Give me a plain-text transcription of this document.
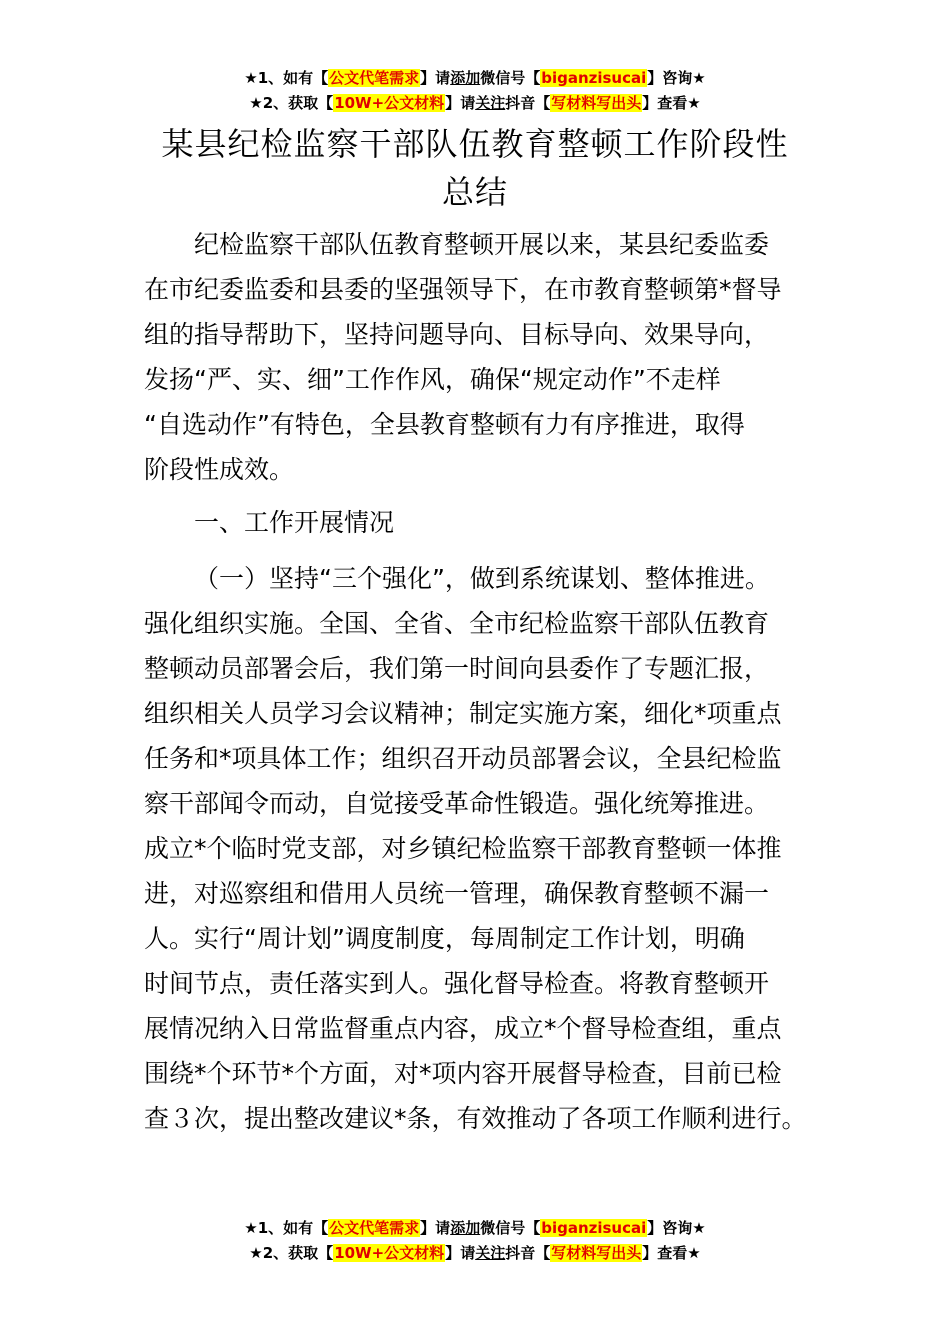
★1、如有【公文代笔需求】请添加微信号【biganzisucai】咨询★
★2、获取【10W+公文材料】请关注抖音【写材料写出头】查看★
某县纪检监察干部队伍教育整顿工作阶段性
总结
纪检监察干部队伍教育整顿开展以来，某县纪委监委
在市纪委监委和县委的坚强领导下，在市教育整顿第*督导
组的指导帮助下，坚持问题导向、目标导向、效果导向，
发扬“严、实、细”工作作风，确保“规定动作”不走样
“自选动作”有特色，全县教育整顿有力有序推进，取得
阶段性成效。
一、工作开展情况
（一）坚持“三个强化”，做到系统谋划、整体推进。
强化组织实施。全国、全省、全市纪检监察干部队伍教育
整顿动员部署会后，我们第一时间向县委作了专题汇报，
组织相关人员学习会议精神；制定实施方案，细化*项重点
任务和*项具体工作；组织召开动员部署会议，全县纪检监
察干部闻令而动，自觉接受革命性锻造。强化统筹推进。
成立*个临时党支部，对乡镇纪检监察干部教育整顿一体推
进，对巡察组和借用人员统一管理，确保教育整顿不漏一
人。实行“周计划”调度制度，每周制定工作计划，明确
时间节点，责任落实到人。强化督导检查。将教育整顿开
展情况纳入日常监督重点内容，成立*个督导检查组，重点
围绕*个环节*个方面，对*项内容开展督导检查，目前已检
查３次，提出整改建议*条，有效推动了各项工作顺利进行。
★1、如有【公文代笔需求】请添加微信号【biganzisucai】咨询★
★2、获取【10W+公文材料】请关注抖音【写材料写出头】查看★
